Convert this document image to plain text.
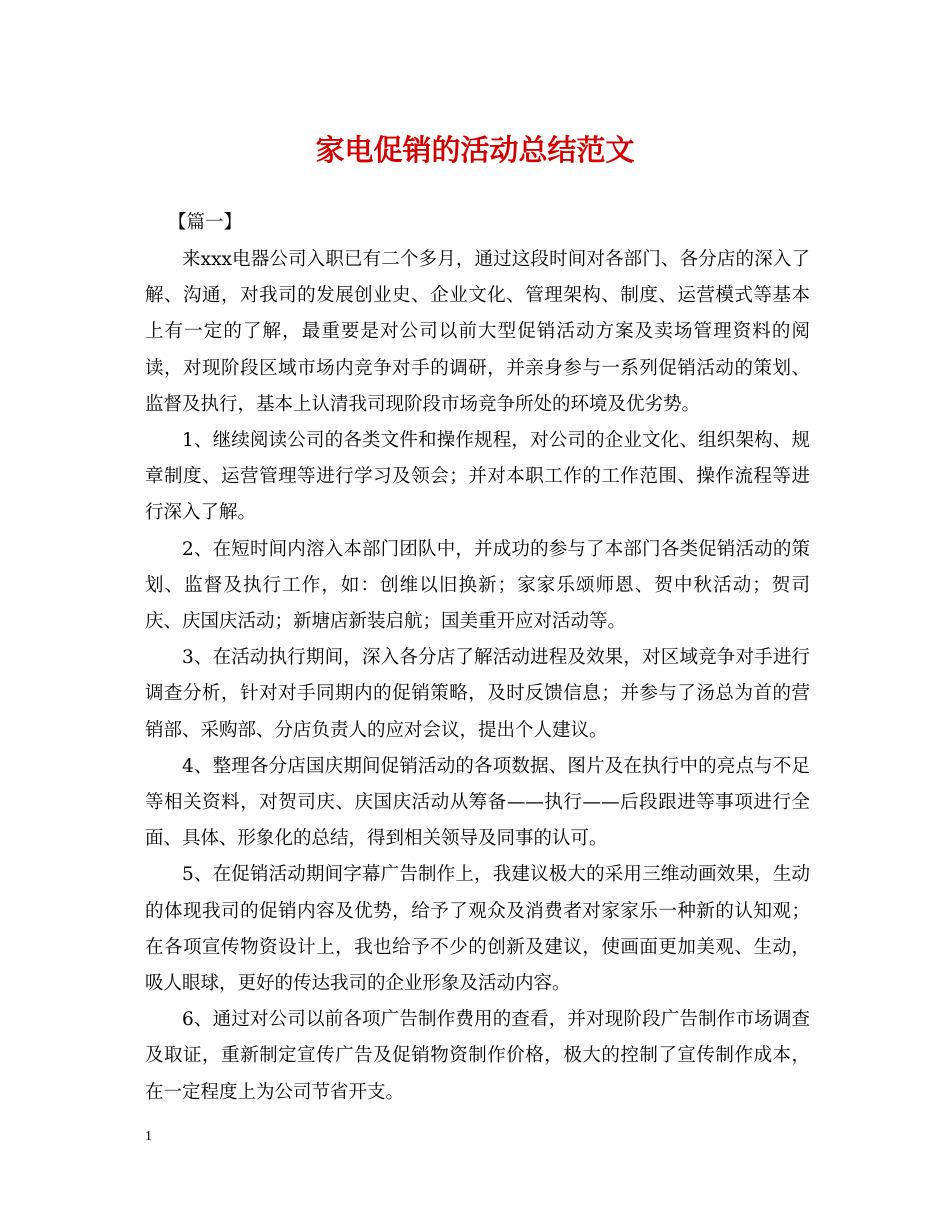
家电促销的活动总结范文
【篇一】

来xxx电器公司入职已有二个多月，通过这段时间对各部门、各分店的深入了解、沟通，对我司的发展创业史、企业文化、管理架构、制度、运营模式等基本上有一定的了解，最重要是对公司以前大型促销活动方案及卖场管理资料的阅读，对现阶段区域市场内竞争对手的调研，并亲身参与一系列促销活动的策划、监督及执行，基本上认清我司现阶段市场竞争所处的环境及优劣势。

1、继续阅读公司的各类文件和操作规程，对公司的企业文化、组织架构、规章制度、运营管理等进行学习及领会；并对本职工作的工作范围、操作流程等进行深入了解。

2、在短时间内溶入本部门团队中，并成功的参与了本部门各类促销活动的策划、监督及执行工作，如：创维以旧换新；家家乐颂师恩、贺中秋活动；贺司庆、庆国庆活动；新塘店新装启航；国美重开应对活动等。

3、在活动执行期间，深入各分店了解活动进程及效果，对区域竞争对手进行调查分析，针对对手同期内的促销策略，及时反馈信息；并参与了汤总为首的营销部、采购部、分店负责人的应对会议，提出个人建议。

4、整理各分店国庆期间促销活动的各项数据、图片及在执行中的亮点与不足等相关资料，对贺司庆、庆国庆活动从筹备——执行——后段跟进等事项进行全面、具体、形象化的总结，得到相关领导及同事的认可。

5、在促销活动期间字幕广告制作上，我建议极大的采用三维动画效果，生动的体现我司的促销内容及优势，给予了观众及消费者对家家乐一种新的认知观；在各项宣传物资设计上，我也给予不少的创新及建议，使画面更加美观、生动，吸人眼球，更好的传达我司的企业形象及活动内容。

6、通过对公司以前各项广告制作费用的查看，并对现阶段广告制作市场调查及取证，重新制定宣传广告及促销物资制作价格，极大的控制了宣传制作成本，在一定程度上为公司节省开支。

1
